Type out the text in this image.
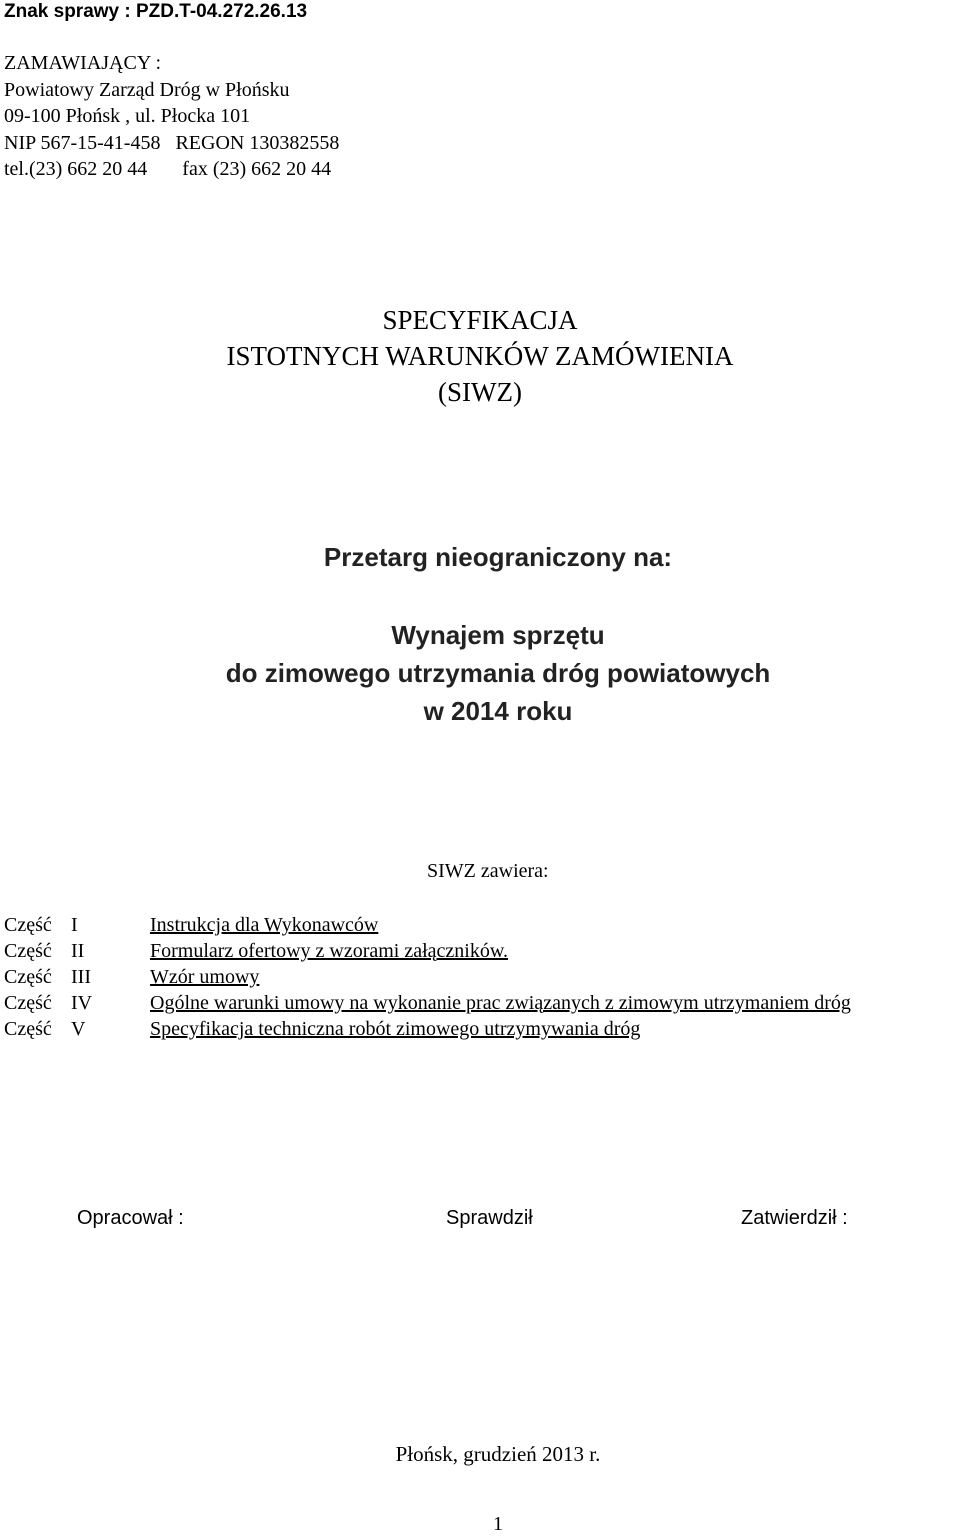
Znak sprawy : PZD.T-04.272.26.13
ZAMAWIAJĄCY :
Powiatowy Zarząd Dróg w Płońsku
09-100 Płońsk , ul. Płocka 101
NIP 567-15-41-458   REGON 130382558
tel.(23) 662 20 44       fax (23) 662 20 44
SPECYFIKACJA
ISTOTNYCH WARUNKÓW ZAMÓWIENIA
(SIWZ)
Przetarg nieograniczony na:
Wynajem sprzętu
do zimowego utrzymania dróg powiatowych
w 2014 roku
SIWZ zawiera:
Część I	Instrukcja dla Wykonawców
Część II	Formularz ofertowy z wzorami załączników.
Część III	Wzór umowy
Część IV	Ogólne warunki umowy na wykonanie prac związanych z zimowym utrzymaniem dróg
Część V	Specyfikacja techniczna robót zimowego utrzymywania dróg
Opracował :	Sprawdził	Zatwierdził :
Płońsk, grudzień 2013 r.
1
